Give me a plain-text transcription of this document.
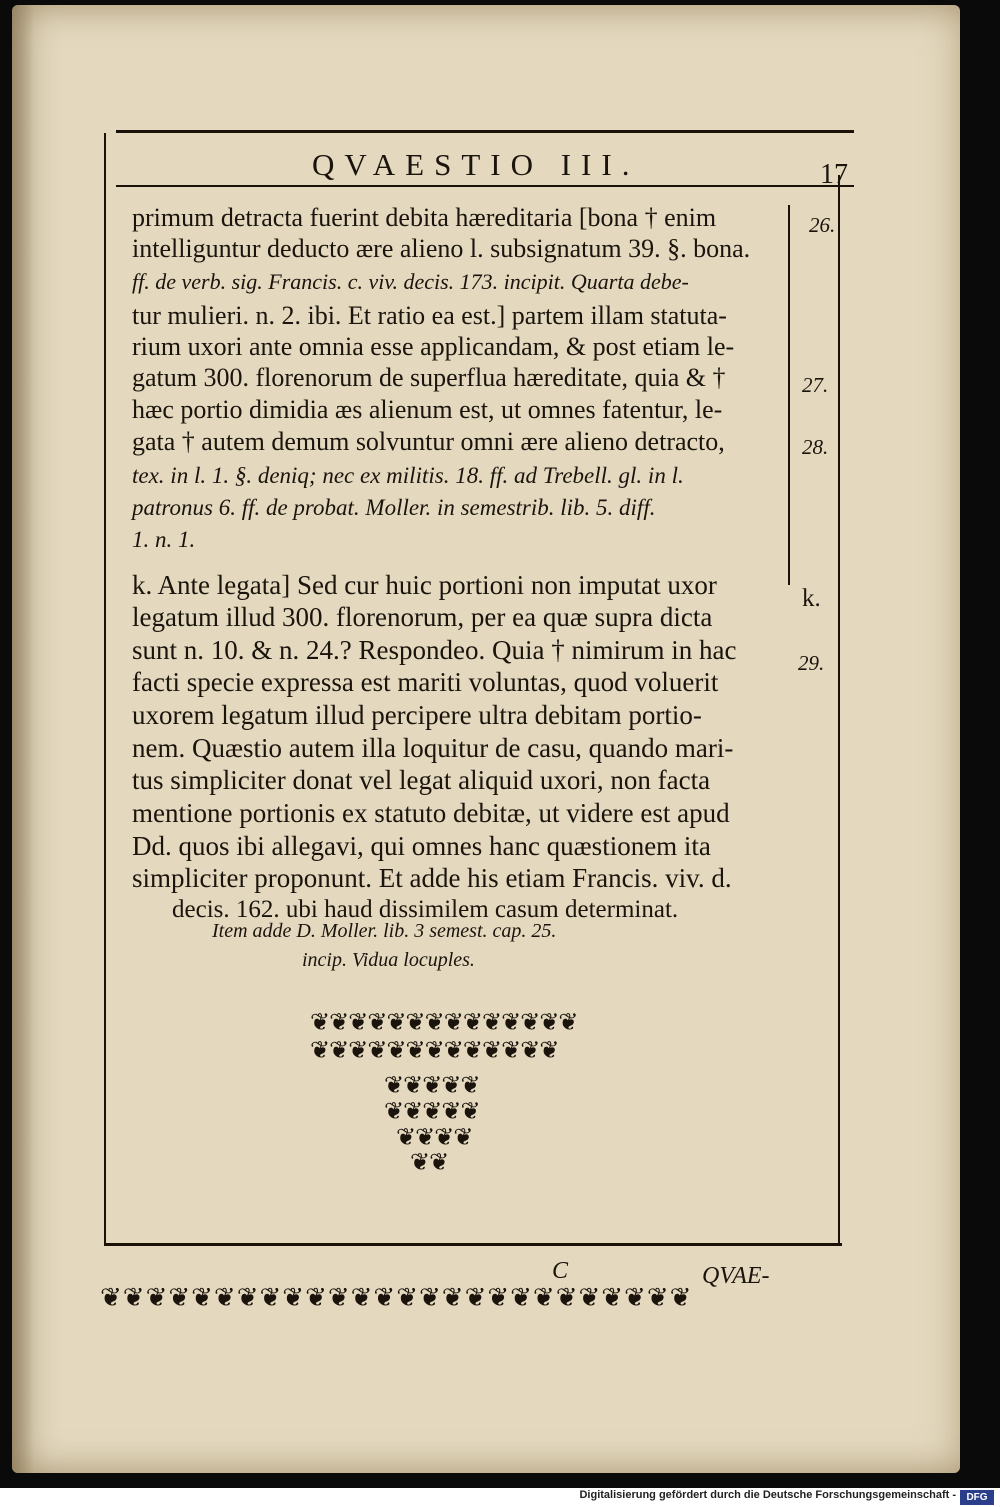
QVAESTIO III.	17
primum detracta fuerint debita hæreditaria [bona † enim
intelliguntur deducto ære alieno l. subsignatum 39. §. bona.
ff. de verb. sig. Francis. c. viv. decis. 173. incipit. Quarta debe-
tur mulieri. n. 2. ibi. Et ratio ea est.] partem illam statuta-
rium uxori ante omnia esse applicandam, & post etiam le-
gatum 300. florenorum de superflua hæreditate, quia & †
hæc portio dimidia æs alienum est, ut omnes fatentur, le-
gata † autem demum solvuntur omni ære alieno detracto,
tex. in l. 1. §. deniq; nec ex militis. 18. ff. ad Trebell. gl. in l.
patronus 6. ff. de probat. Moller. in semestrib. lib. 5. diff.
1. n. 1.
k. Ante legata] Sed cur huic portioni non imputat uxor
legatum illud 300. florenorum, per ea quæ supra dicta
sunt n. 10. & n. 24.? Respondeo. Quia † nimirum in hac
facti specie expressa est mariti voluntas, quod voluerit
uxorem legatum illud percipere ultra debitam portio-
nem. Quæstio autem illa loquitur de casu, quando mari-
tus simpliciter donat vel legat aliquid uxori, non facta
mentione portionis ex statuto debitæ, ut videre est apud
Dd. quos ibi allegavi, qui omnes hanc quæstionem ita
simpliciter proponunt. Et adde his etiam Francis. viv. d.
decis. 162. ubi haud dissimilem casum determinat.
Item adde D. Moller. lib. 3 semest. cap. 25.
incip. Vidua locuples.
26.
27.
28.
k.
29.
❦❦❦❦❦❦❦❦❦❦❦❦❦❦
❦❦❦❦❦❦❦❦❦❦❦❦❦
❦❦❦❦❦
❦❦❦❦❦
❦❦❦❦
❦❦
C	QVAE-
❦❦❦❦❦❦❦❦❦❦❦❦❦❦❦❦❦❦❦❦❦❦❦❦❦❦
Digitalisierung gefördert durch die Deutsche Forschungsgemeinschaft -	DFG
